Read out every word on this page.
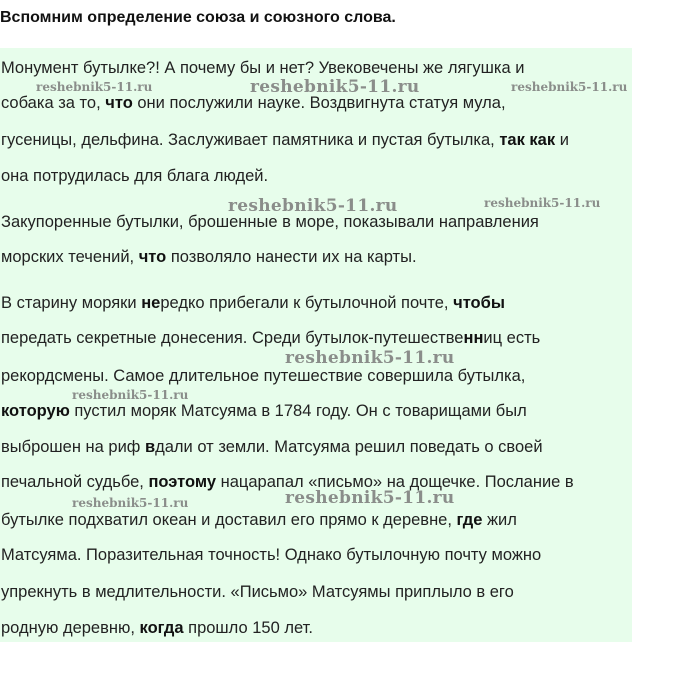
Вспомним определение союза и союзного слова.
Монумент бутылке?! А почему бы и нет? Увековечены же лягушка и
собака за то, что они послужили науке. Воздвигнута статуя мула,
гусеницы, дельфина. Заслуживает памятника и пустая бутылка, так как и
она потрудилась для блага людей.
Закупоренные бутылки, брошенные в море, показывали направления
морских течений, что позволяло нанести их на карты.
В старину моряки нередко прибегали к бутылочной почте, чтобы
передать секретные донесения. Среди бутылок-путешественниц есть
рекордсмены. Самое длительное путешествие совершила бутылка,
которую пустил моряк Матсуяма в 1784 году. Он с товарищами был
выброшен на риф вдали от земли. Матсуяма решил поведать о своей
печальной судьбе, поэтому нацарапал «письмо» на дощечке. Послание в
бутылке подхватил океан и доставил его прямо к деревне, где жил
Матсуяма. Поразительная точность! Однако бутылочную почту можно
упрекнуть в медлительности. «Письмо» Матсуямы приплыло в его
родную деревню, когда прошло 150 лет.
reshebnik5-11.ru	reshebnik5-11.ru	reshebnik5-11.ru
reshebnik5-11.ru	reshebnik5-11.ru
reshebnik5-11.ru
reshebnik5-11.ru
reshebnik5-11.ru	reshebnik5-11.ru
